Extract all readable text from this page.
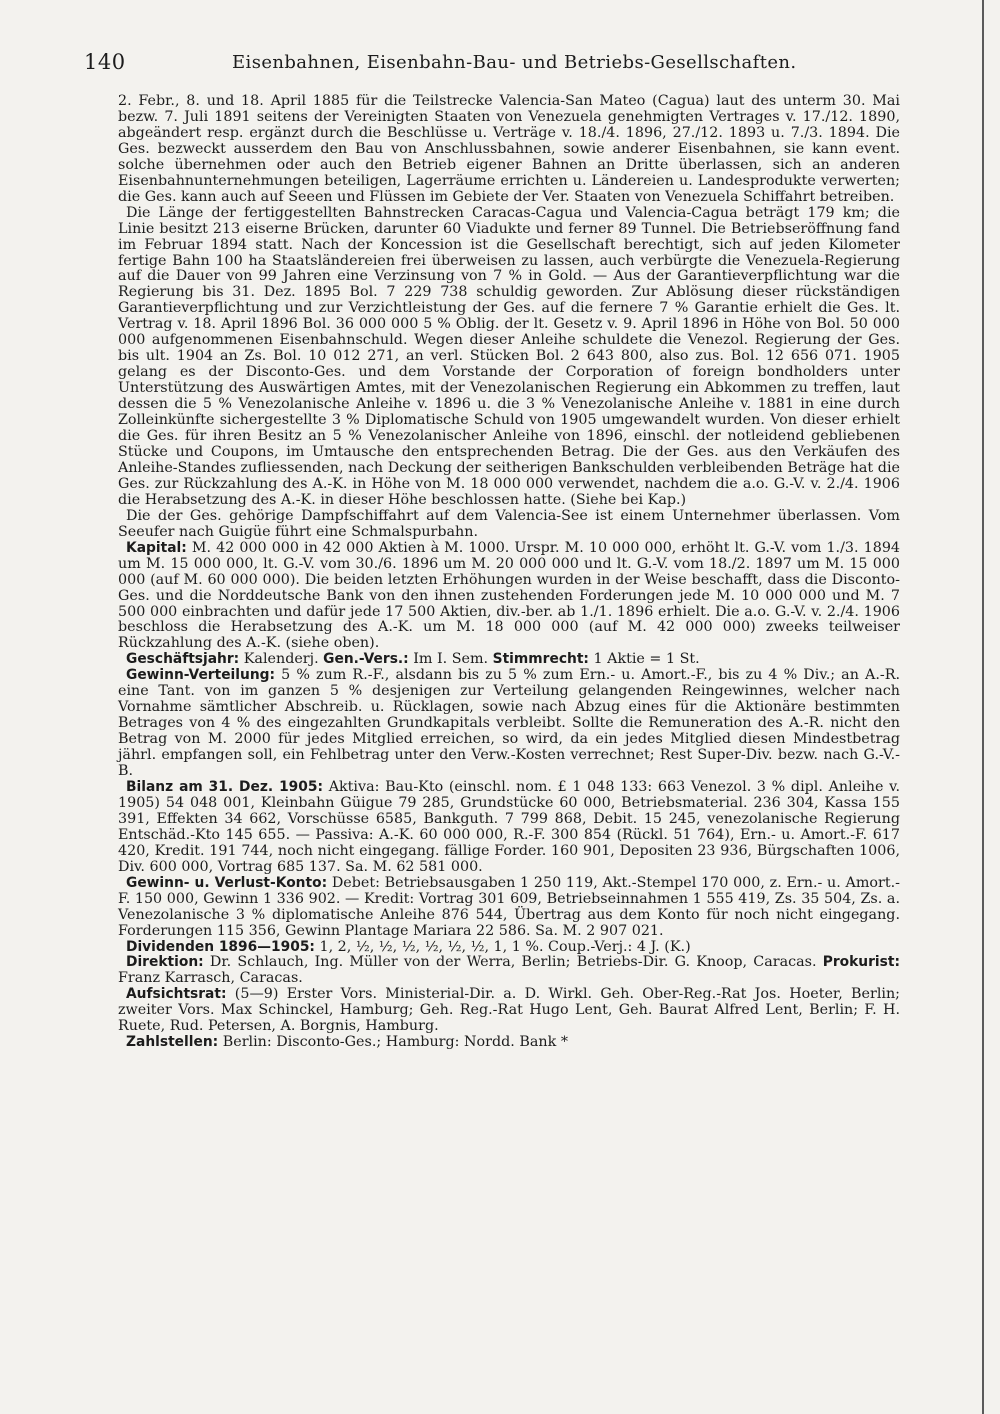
140	Eisenbahnen, Eisenbahn-Bau- und Betriebs-Gesellschaften.

2. Febr., 8. und 18. April 1885 für die Teilstrecke Valencia-San Mateo (Cagua) laut des unterm 30. Mai bezw. 7. Juli 1891 seitens der Vereinigten Staaten von Venezuela genehmigten Vertrages v. 17./12. 1890, abgeändert resp. ergänzt durch die Beschlüsse u. Verträge v. 18./4. 1896, 27./12. 1893 u. 7./3. 1894. Die Ges. bezweckt ausserdem den Bau von Anschlussbahnen, sowie anderer Eisenbahnen, sie kann event. solche übernehmen oder auch den Betrieb eigener Bahnen an Dritte überlassen, sich an anderen Eisenbahnunternehmungen beteiligen, Lagerräume errichten u. Ländereien u. Landesprodukte verwerten; die Ges. kann auch auf Seeen und Flüssen im Gebiete der Ver. Staaten von Venezuela Schiffahrt betreiben.

Die Länge der fertiggestellten Bahnstrecken Caracas-Cagua und Valencia-Cagua beträgt 179 km; die Linie besitzt 213 eiserne Brücken, darunter 60 Viadukte und ferner 89 Tunnel. Die Betriebseröffnung fand im Februar 1894 statt. Nach der Koncession ist die Gesellschaft berechtigt, sich auf jeden Kilometer fertige Bahn 100 ha Staatsländereien frei überweisen zu lassen, auch verbürgte die Venezuela-Regierung auf die Dauer von 99 Jahren eine Verzinsung von 7 % in Gold. — Aus der Garantieverpflichtung war die Regierung bis 31. Dez. 1895 Bol. 7 229 738 schuldig geworden. Zur Ablösung dieser rückständigen Garantieverpflichtung und zur Verzichtleistung der Ges. auf die fernere 7 % Garantie erhielt die Ges. lt. Vertrag v. 18. April 1896 Bol. 36 000 000 5 % Oblig. der lt. Gesetz v. 9. April 1896 in Höhe von Bol. 50 000 000 aufgenommenen Eisenbahnschuld. Wegen dieser Anleihe schuldete die Venezol. Regierung der Ges. bis ult. 1904 an Zs. Bol. 10 012 271, an verl. Stücken Bol. 2 643 800, also zus. Bol. 12 656 071. 1905 gelang es der Disconto-Ges. und dem Vorstande der Corporation of foreign bondholders unter Unterstützung des Auswärtigen Amtes, mit der Venezolanischen Regierung ein Abkommen zu treffen, laut dessen die 5 % Venezolanische Anleihe v. 1896 u. die 3 % Venezolanische Anleihe v. 1881 in eine durch Zolleinkünfte sichergestellte 3 % Diplomatische Schuld von 1905 umgewandelt wurden. Von dieser erhielt die Ges. für ihren Besitz an 5 % Venezolanischer Anleihe von 1896, einschl. der notleidend gebliebenen Stücke und Coupons, im Umtausche den entsprechenden Betrag. Die der Ges. aus den Verkäufen des Anleihe-Standes zufliessenden, nach Deckung der seitherigen Bankschulden verbleibenden Beträge hat die Ges. zur Rückzahlung des A.-K. in Höhe von M. 18 000 000 verwendet, nachdem die a.o. G.-V. v. 2./4. 1906 die Herabsetzung des A.-K. in dieser Höhe beschlossen hatte. (Siehe bei Kap.)

Die der Ges. gehörige Dampfschiffahrt auf dem Valencia-See ist einem Unternehmer überlassen. Vom Seeufer nach Guigüe führt eine Schmalspurbahn.

Kapital: M. 42 000 000 in 42 000 Aktien à M. 1000. Urspr. M. 10 000 000, erhöht lt. G.-V. vom 1./3. 1894 um M. 15 000 000, lt. G.-V. vom 30./6. 1896 um M. 20 000 000 und lt. G.-V. vom 18./2. 1897 um M. 15 000 000 (auf M. 60 000 000). Die beiden letzten Erhöhungen wurden in der Weise beschafft, dass die Disconto-Ges. und die Norddeutsche Bank von den ihnen zustehenden Forderungen jede M. 10 000 000 und M. 7 500 000 einbrachten und dafür jede 17 500 Aktien, div.-ber. ab 1./1. 1896 erhielt. Die a.o. G.-V. v. 2./4. 1906 beschloss die Herabsetzung des A.-K. um M. 18 000 000 (auf M. 42 000 000) zweeks teilweiser Rückzahlung des A.-K. (siehe oben).

Geschäftsjahr: Kalenderj. Gen.-Vers.: Im I. Sem. Stimmrecht: 1 Aktie = 1 St.

Gewinn-Verteilung: 5 % zum R.-F., alsdann bis zu 5 % zum Ern.- u. Amort.-F., bis zu 4 % Div.; an A.-R. eine Tant. von im ganzen 5 % desjenigen zur Verteilung gelangenden Reingewinnes, welcher nach Vornahme sämtlicher Abschreib. u. Rücklagen, sowie nach Abzug eines für die Aktionäre bestimmten Betrages von 4 % des eingezahlten Grundkapitals verbleibt. Sollte die Remuneration des A.-R. nicht den Betrag von M. 2000 für jedes Mitglied erreichen, so wird, da ein jedes Mitglied diesen Mindestbetrag jährl. empfangen soll, ein Fehlbetrag unter den Verw.-Kosten verrechnet; Rest Super-Div. bezw. nach G.-V.-B.

Bilanz am 31. Dez. 1905: Aktiva: Bau-Kto (einschl. nom. £ 1 048 133: 663 Venezol. 3 % dipl. Anleihe v. 1905) 54 048 001, Kleinbahn Güigue 79 285, Grundstücke 60 000, Betriebsmaterial. 236 304, Kassa 155 391, Effekten 34 662, Vorschüsse 6585, Bankguth. 7 799 868, Debit. 15 245, venezolanische Regierung Entschäd.-Kto 145 655. — Passiva: A.-K. 60 000 000, R.-F. 300 854 (Rückl. 51 764), Ern.- u. Amort.-F. 617 420, Kredit. 191 744, noch nicht eingegang. fällige Forder. 160 901, Depositen 23 936, Bürgschaften 1006, Div. 600 000, Vortrag 685 137. Sa. M. 62 581 000.

Gewinn- u. Verlust-Konto: Debet: Betriebsausgaben 1 250 119, Akt.-Stempel 170 000, z. Ern.- u. Amort.-F. 150 000, Gewinn 1 336 902. — Kredit: Vortrag 301 609, Betriebseinnahmen 1 555 419, Zs. 35 504, Zs. a. Venezolanische 3 % diplomatische Anleihe 876 544, Übertrag aus dem Konto für noch nicht eingegang. Forderungen 115 356, Gewinn Plantage Mariara 22 586. Sa. M. 2 907 021.

Dividenden 1896—1905: 1, 2, ½, ½, ½, ½, ½, ½, 1, 1 %. Coup.-Verj.: 4 J. (K.)

Direktion: Dr. Schlauch, Ing. Müller von der Werra, Berlin; Betriebs-Dir. G. Knoop, Caracas. Prokurist: Franz Karrasch, Caracas.

Aufsichtsrat: (5—9) Erster Vors. Ministerial-Dir. a. D. Wirkl. Geh. Ober-Reg.-Rat Jos. Hoeter, Berlin; zweiter Vors. Max Schinckel, Hamburg; Geh. Reg.-Rat Hugo Lent, Geh. Baurat Alfred Lent, Berlin; F. H. Ruete, Rud. Petersen, A. Borgnis, Hamburg.

Zahlstellen: Berlin: Disconto-Ges.; Hamburg: Nordd. Bank *
